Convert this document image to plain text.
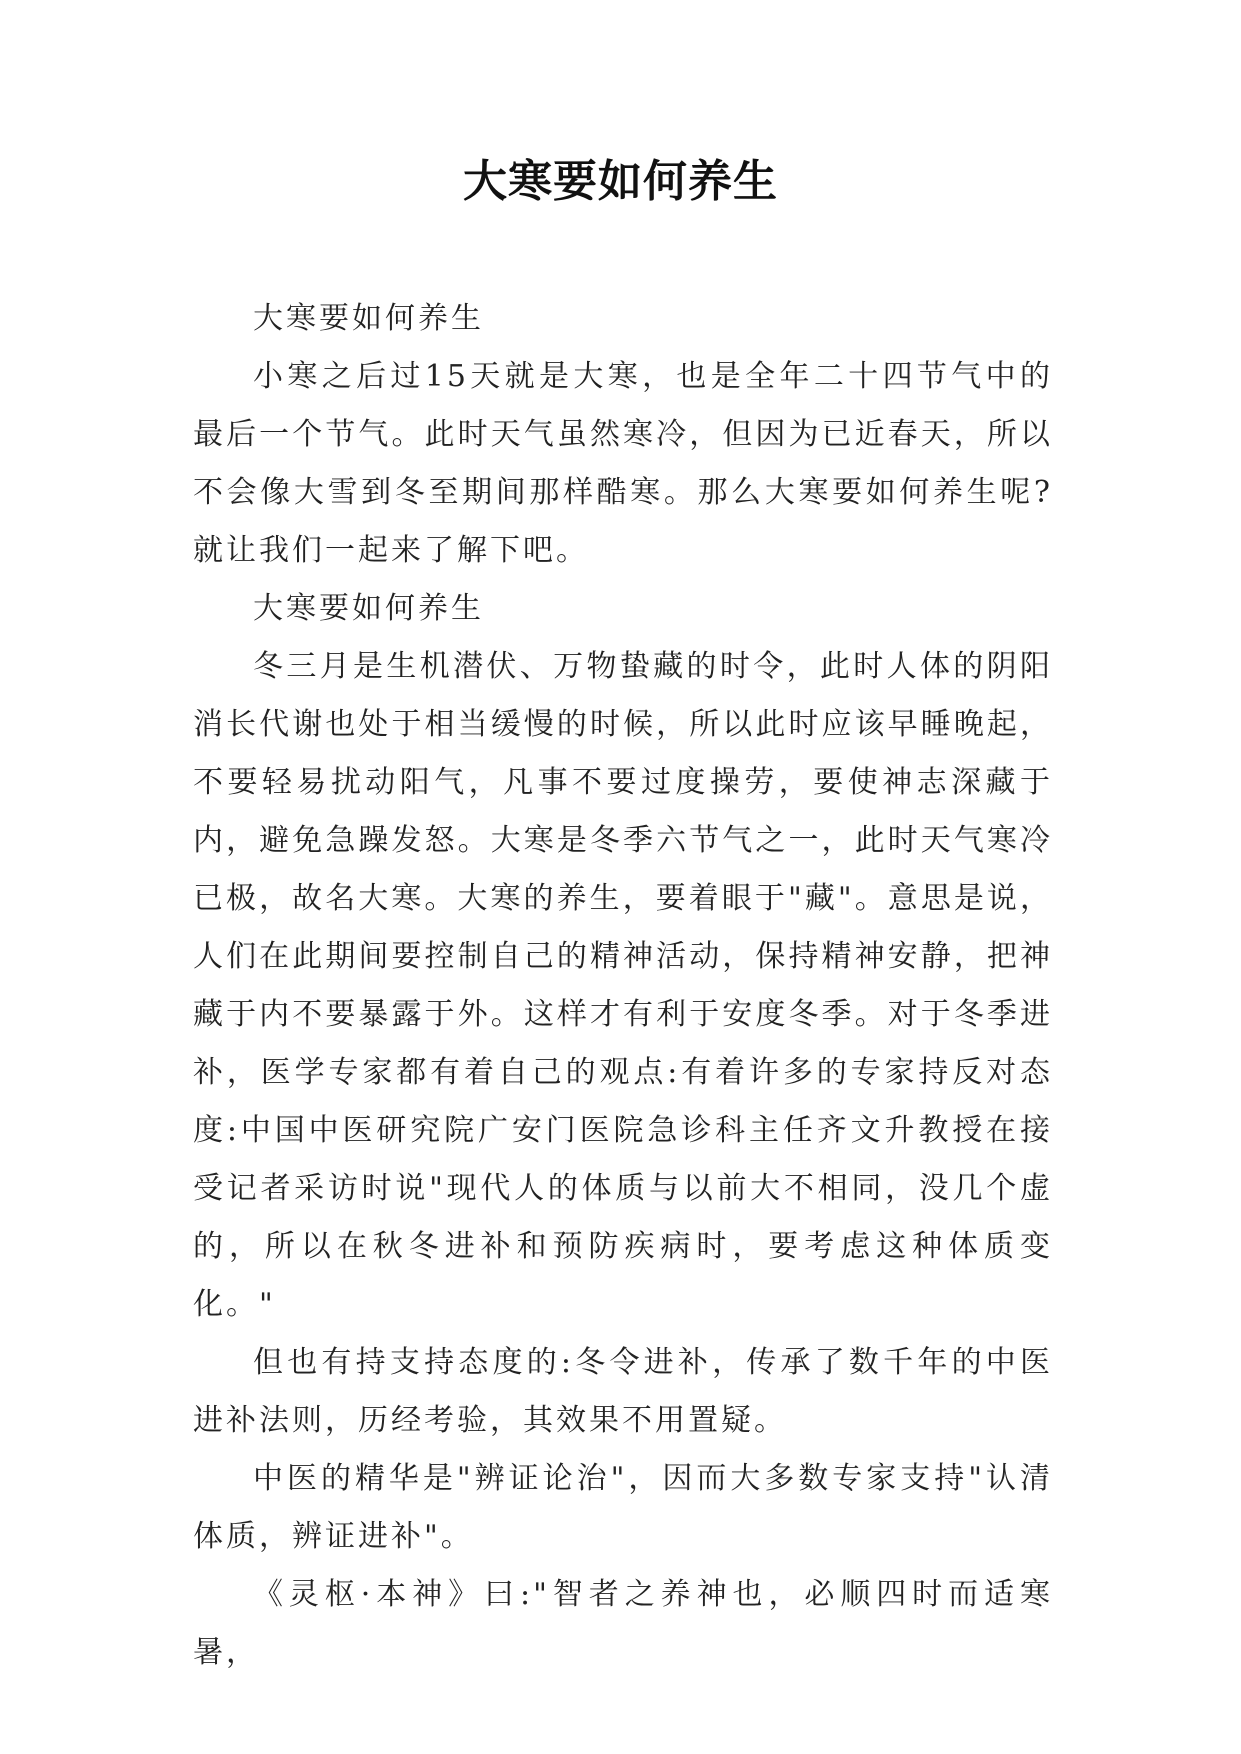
大寒要如何养生

大寒要如何养生

小寒之后过15天就是大寒，也是全年二十四节气中的最后一个节气。此时天气虽然寒冷，但因为已近春天，所以不会像大雪到冬至期间那样酷寒。那么大寒要如何养生呢?就让我们一起来了解下吧。

大寒要如何养生

冬三月是生机潜伏、万物蛰藏的时令，此时人体的阴阳消长代谢也处于相当缓慢的时候，所以此时应该早睡晚起，不要轻易扰动阳气，凡事不要过度操劳，要使神志深藏于内，避免急躁发怒。大寒是冬季六节气之一，此时天气寒冷已极，故名大寒。大寒的养生，要着眼于"藏"。意思是说，人们在此期间要控制自己的精神活动，保持精神安静，把神藏于内不要暴露于外。这样才有利于安度冬季。对于冬季进补，医学专家都有着自己的观点:有着许多的专家持反对态度:中国中医研究院广安门医院急诊科主任齐文升教授在接受记者采访时说"现代人的体质与以前大不相同，没几个虚的，所以在秋冬进补和预防疾病时，要考虑这种体质变化。"

但也有持支持态度的:冬令进补，传承了数千年的中医进补法则，历经考验，其效果不用置疑。

中医的精华是"辨证论治"，因而大多数专家支持"认清体质，辨证进补"。

《灵枢·本神》曰:"智者之养神也，必顺四时而适寒暑，
